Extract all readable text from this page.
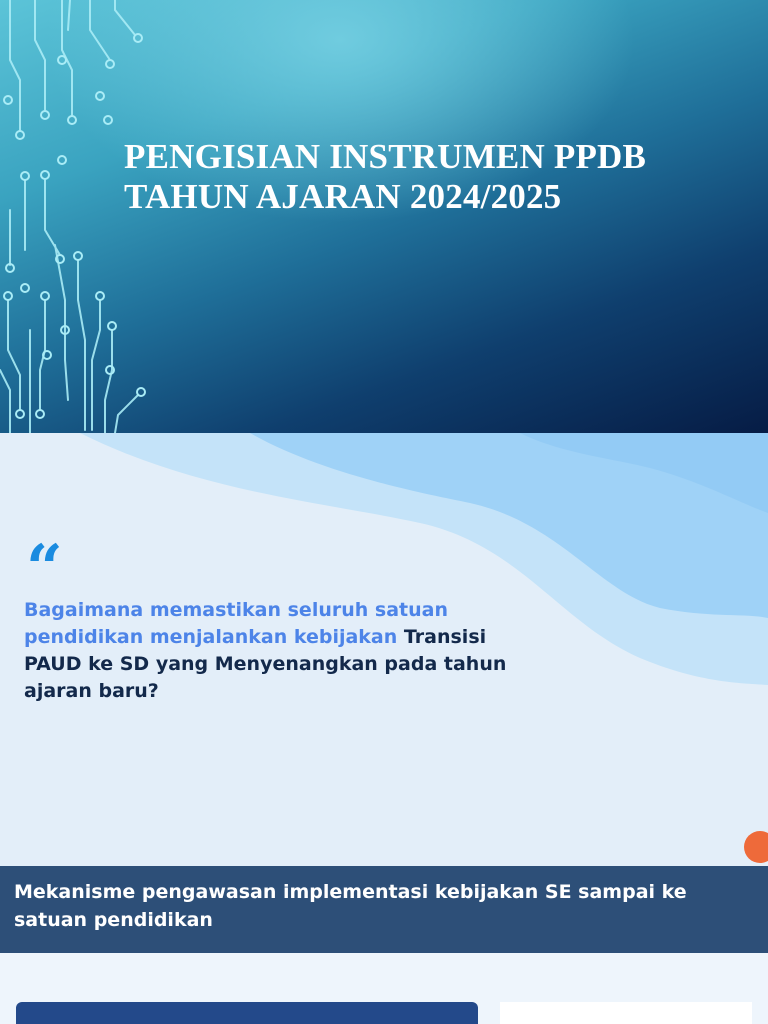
PENGISIAN INSTRUMEN PPDB TAHUN AJARAN 2024/2025
“

Bagaimana memastikan seluruh satuan pendidikan menjalankan kebijakan Transisi PAUD ke SD yang Menyenangkan pada tahun ajaran baru?

Mekanisme pengawasan implementasi kebijakan SE sampai ke satuan pendidikan
